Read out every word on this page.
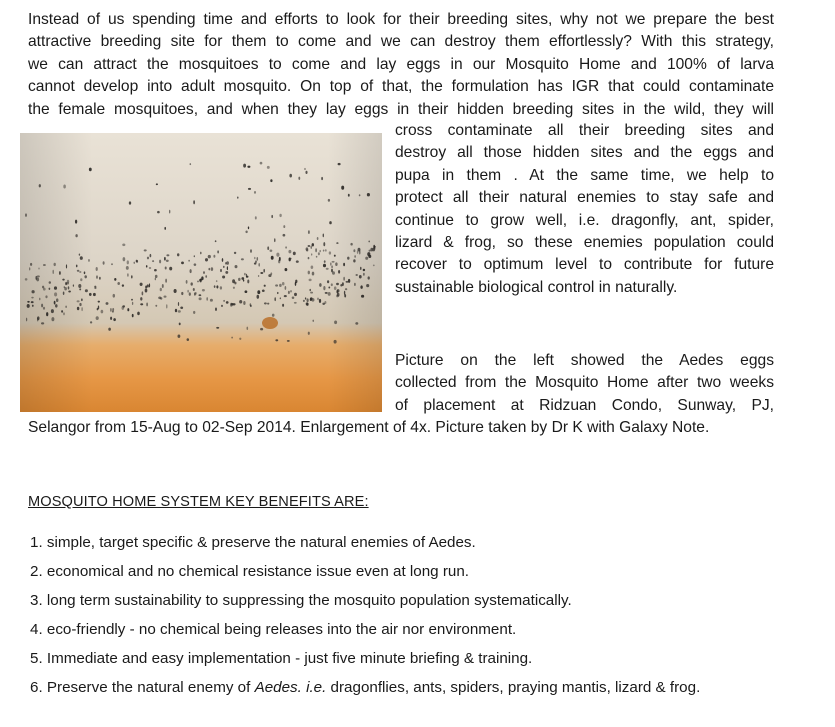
Instead of us spending time and efforts to look for their breeding sites, why not we prepare the best
attractive breeding site for them to come and we can destroy them effortlessly? With this strategy,
we can attract the mosquitoes to come and lay eggs in our Mosquito Home and 100% of larva
cannot develop into adult mosquito. On top of that, the formulation has IGR that could contaminate
the female mosquitoes, and when they lay eggs in their hidden breeding sites in the wild, they will
cross contaminate all their breeding sites and
destroy all those hidden sites and the eggs and
pupa in them . At the same time, we help to
protect all their natural enemies to stay safe and
continue to grow well, i.e. dragonfly, ant, spider,
lizard & frog, so these enemies population could
recover to optimum level to contribute for future
sustainable biological control in naturally.
Picture on the left showed the Aedes eggs
collected from the Mosquito Home after two weeks
of placement at Ridzuan Condo, Sunway, PJ,
Selangor from 15-Aug to 02-Sep 2014. Enlargement of 4x. Picture taken by Dr K with Galaxy Note.
MOSQUITO HOME SYSTEM KEY BENEFITS ARE:
1. simple, target specific & preserve the natural enemies of Aedes.
2. economical and no chemical resistance issue even at long run.
3. long term sustainability to suppressing the mosquito population systematically.
4. eco-friendly - no chemical being releases into the air nor environment.
5. Immediate and easy implementation - just five minute briefing & training.
6. Preserve the natural enemy of Aedes. i.e. dragonflies, ants, spiders, praying mantis, lizard & frog.
